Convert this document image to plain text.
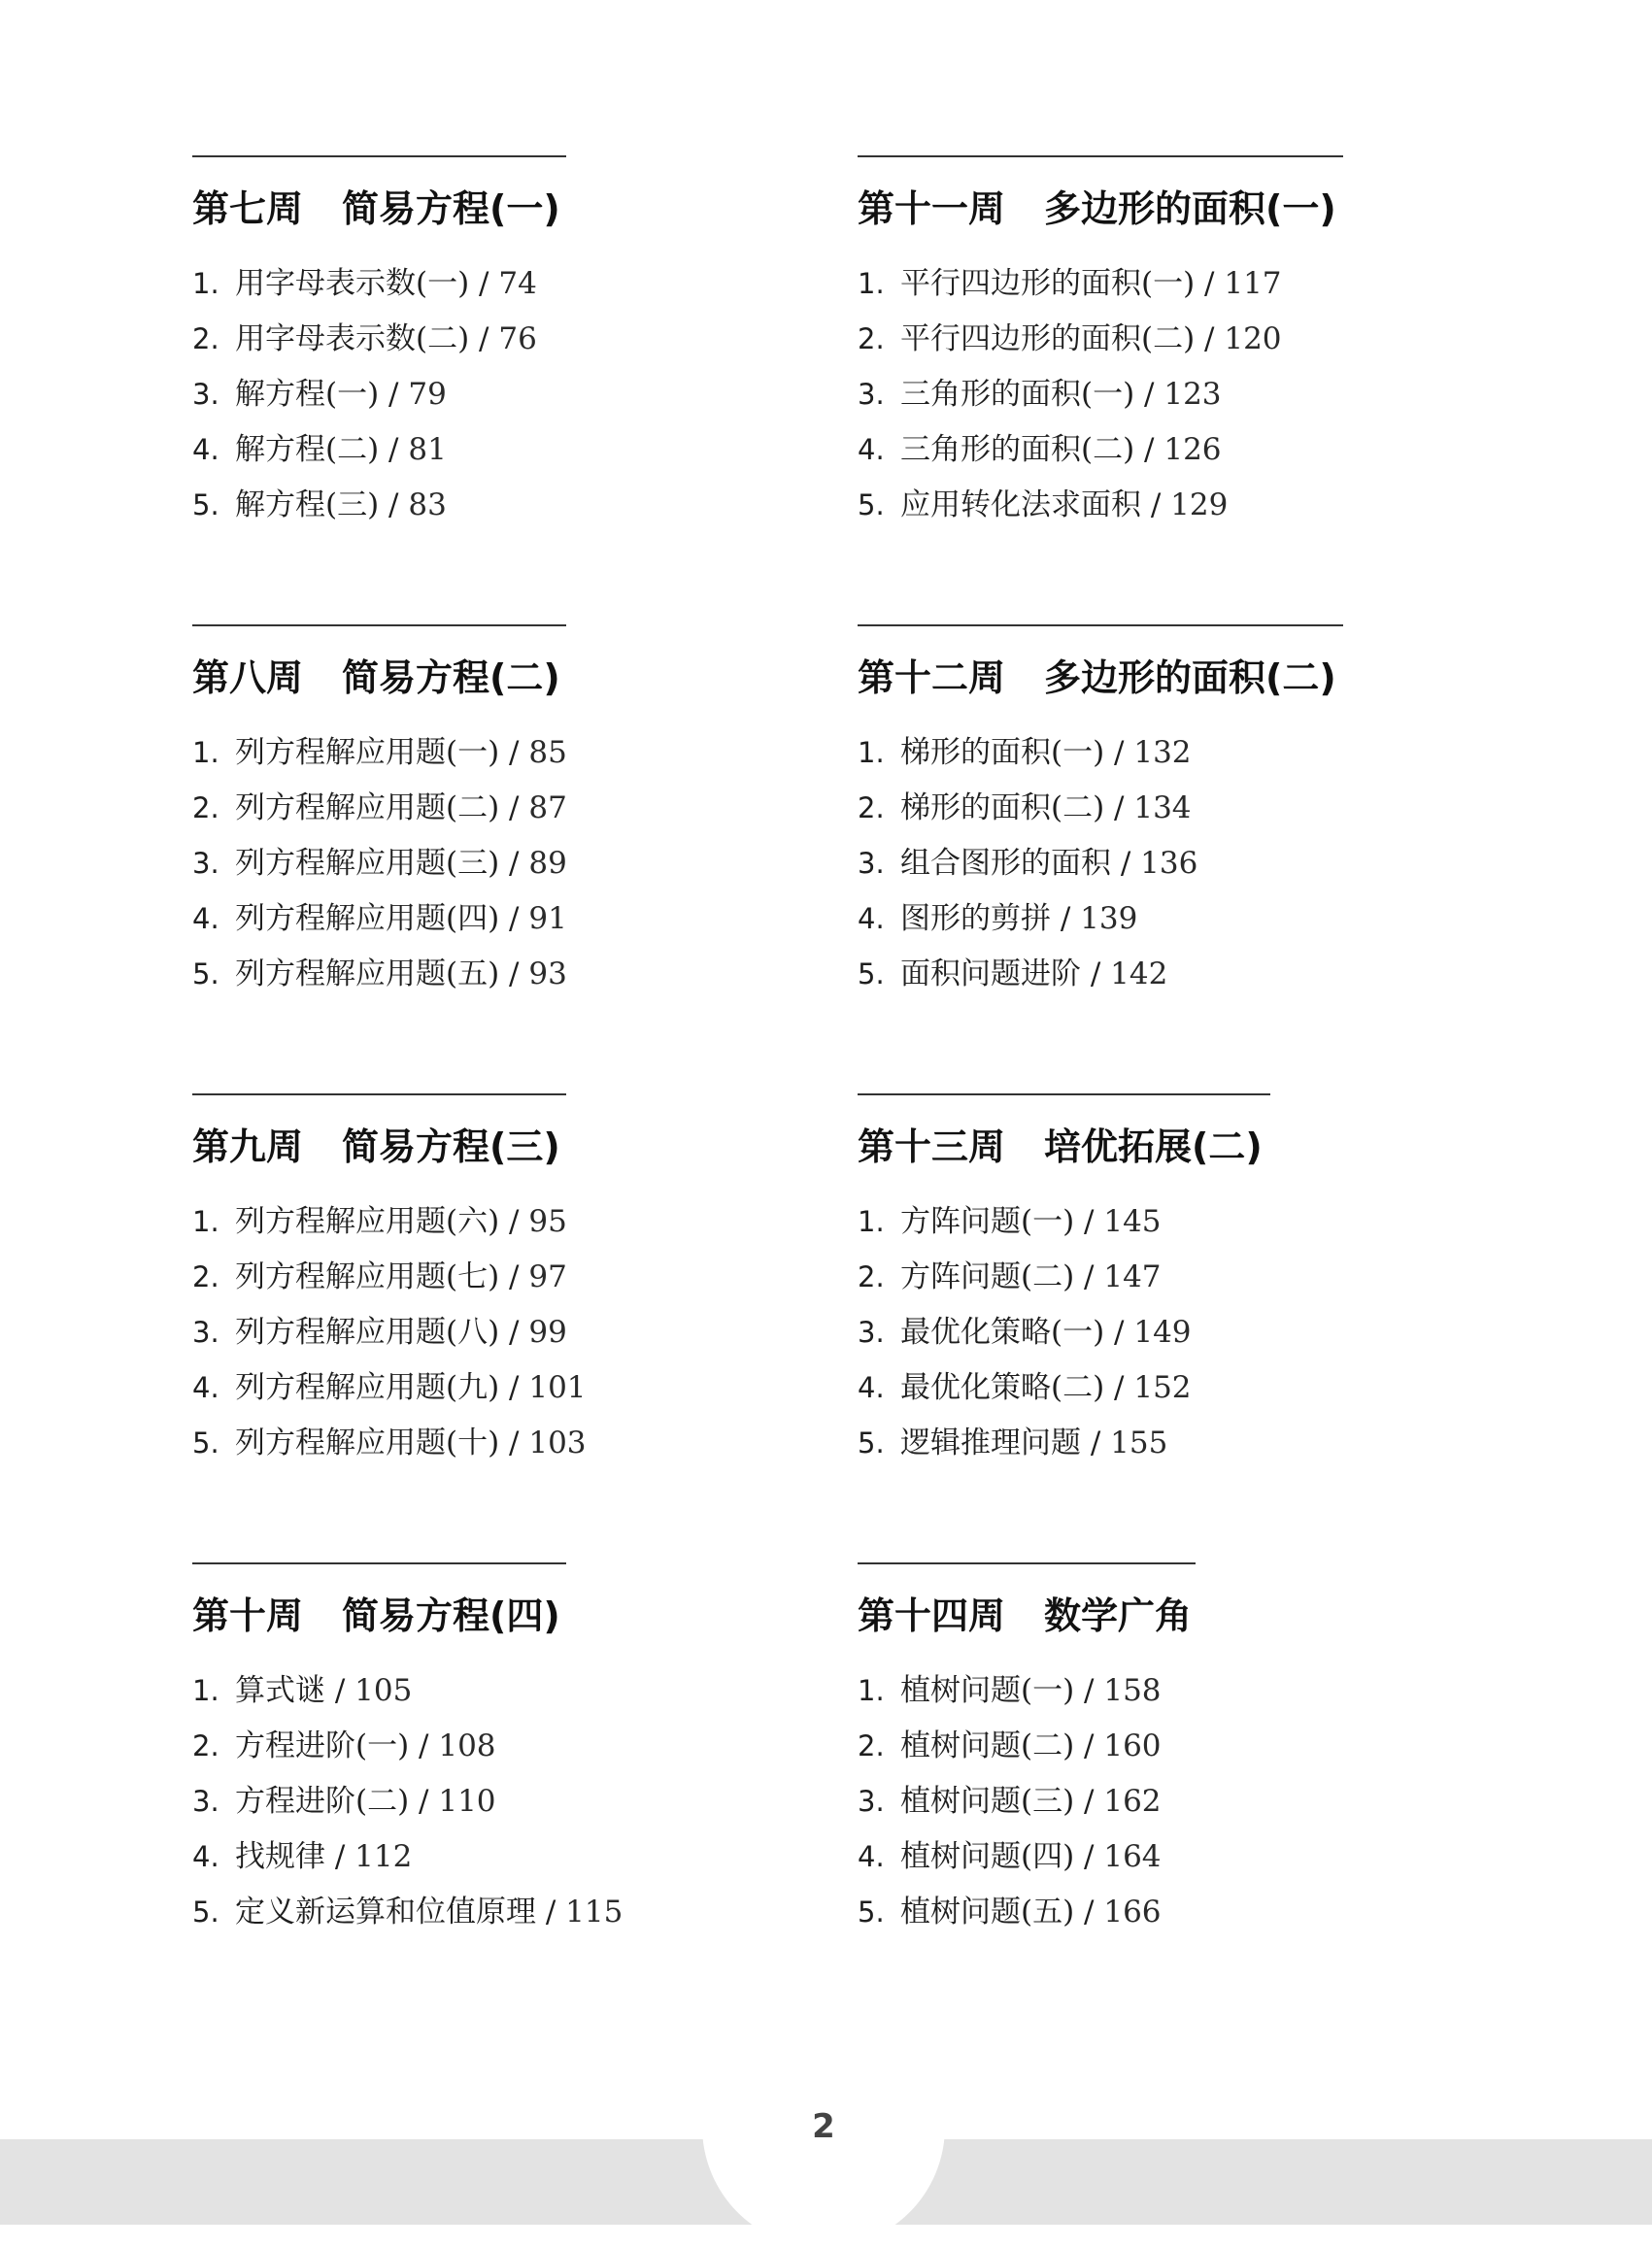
第七周 简易方程(一)
1. 用字母表示数(一) / 74
2. 用字母表示数(二) / 76
3. 解方程(一) / 79
4. 解方程(二) / 81
5. 解方程(三) / 83
第八周 简易方程(二)
1. 列方程解应用题(一) / 85
2. 列方程解应用题(二) / 87
3. 列方程解应用题(三) / 89
4. 列方程解应用题(四) / 91
5. 列方程解应用题(五) / 93
第九周 简易方程(三)
1. 列方程解应用题(六) / 95
2. 列方程解应用题(七) / 97
3. 列方程解应用题(八) / 99
4. 列方程解应用题(九) / 101
5. 列方程解应用题(十) / 103
第十周 简易方程(四)
1. 算式谜 / 105
2. 方程进阶(一) / 108
3. 方程进阶(二) / 110
4. 找规律 / 112
5. 定义新运算和位值原理 / 115
第十一周 多边形的面积(一)
1. 平行四边形的面积(一) / 117
2. 平行四边形的面积(二) / 120
3. 三角形的面积(一) / 123
4. 三角形的面积(二) / 126
5. 应用转化法求面积 / 129
第十二周 多边形的面积(二)
1. 梯形的面积(一) / 132
2. 梯形的面积(二) / 134
3. 组合图形的面积 / 136
4. 图形的剪拼 / 139
5. 面积问题进阶 / 142
第十三周 培优拓展(二)
1. 方阵问题(一) / 145
2. 方阵问题(二) / 147
3. 最优化策略(一) / 149
4. 最优化策略(二) / 152
5. 逻辑推理问题 / 155
第十四周 数学广角
1. 植树问题(一) / 158
2. 植树问题(二) / 160
3. 植树问题(三) / 162
4. 植树问题(四) / 164
5. 植树问题(五) / 166
2
